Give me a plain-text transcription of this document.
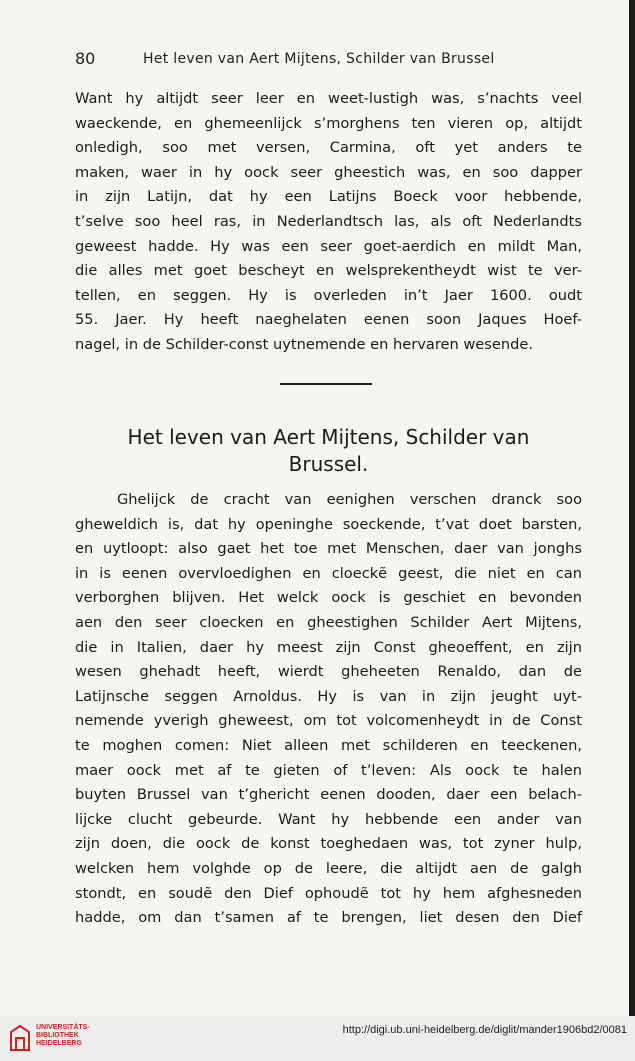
80	Het leven van Aert Mijtens, Schilder van Brussel

Want hy altijdt seer leer en weet-lustigh was, s’nachts veel
waeckende, en ghemeenlijck s’morghens ten vieren op, altijdt
onledigh, soo met versen, Carmina, oft yet anders te
maken, waer in hy oock seer gheestich was, en soo dapper
in zijn Latijn, dat hy een Latijns Boeck voor hebbende,
t’selve soo heel ras, in Nederlandtsch las, als oft Nederlandts
geweest hadde. Hy was een seer goet-aerdich en mildt Man,
die alles met goet bescheyt en welsprekentheydt wist te ver-
tellen, en seggen. Hy is overleden in’t Jaer 1600. oudt
55. Jaer. Hy heeft naeghelaten eenen soon Jaques Hoef-
nagel, in de Schilder-const uytnemende en hervaren wesende.

Het leven van Aert Mijtens, Schilder van
Brussel.

Ghelijck de cracht van eenighen verschen dranck soo
gheweldich is, dat hy openinghe soeckende, t’vat doet barsten,
en uytloopt: also gaet het toe met Menschen, daer van jonghs
in is eenen overvloedighen en cloeckẽ geest, die niet en can
verborghen blijven. Het welck oock is geschiet en bevonden
aen den seer cloecken en gheestighen Schilder Aert Mijtens,
die in Italien, daer hy meest zijn Const gheoeffent, en zijn
wesen ghehadt heeft, wierdt gheheeten Renaldo, dan de
Latijnsche seggen Arnoldus. Hy is van in zijn jeught uyt-
nemende yverigh gheweest, om tot volcomenheydt in de Const
te moghen comen: Niet alleen met schilderen en teeckenen,
maer oock met af te gieten of t’leven: Als oock te halen
buyten Brussel van t’ghericht eenen dooden, daer een belach-
lijcke clucht gebeurde. Want hy hebbende een ander van
zijn doen, die oock de konst toeghedaen was, tot zyner hulp,
welcken hem volghde op de leere, die altijdt aen de galgh
stondt, en soudẽ den Dief ophoudẽ tot hy hem afghesneden
hadde, om dan t’samen af te brengen, liet desen den Dief

UNIVERSITÄTS-
BIBLIOTHEK
HEIDELBERG
http://digi.ub.uni-heidelberg.de/diglit/mander1906bd2/0081
